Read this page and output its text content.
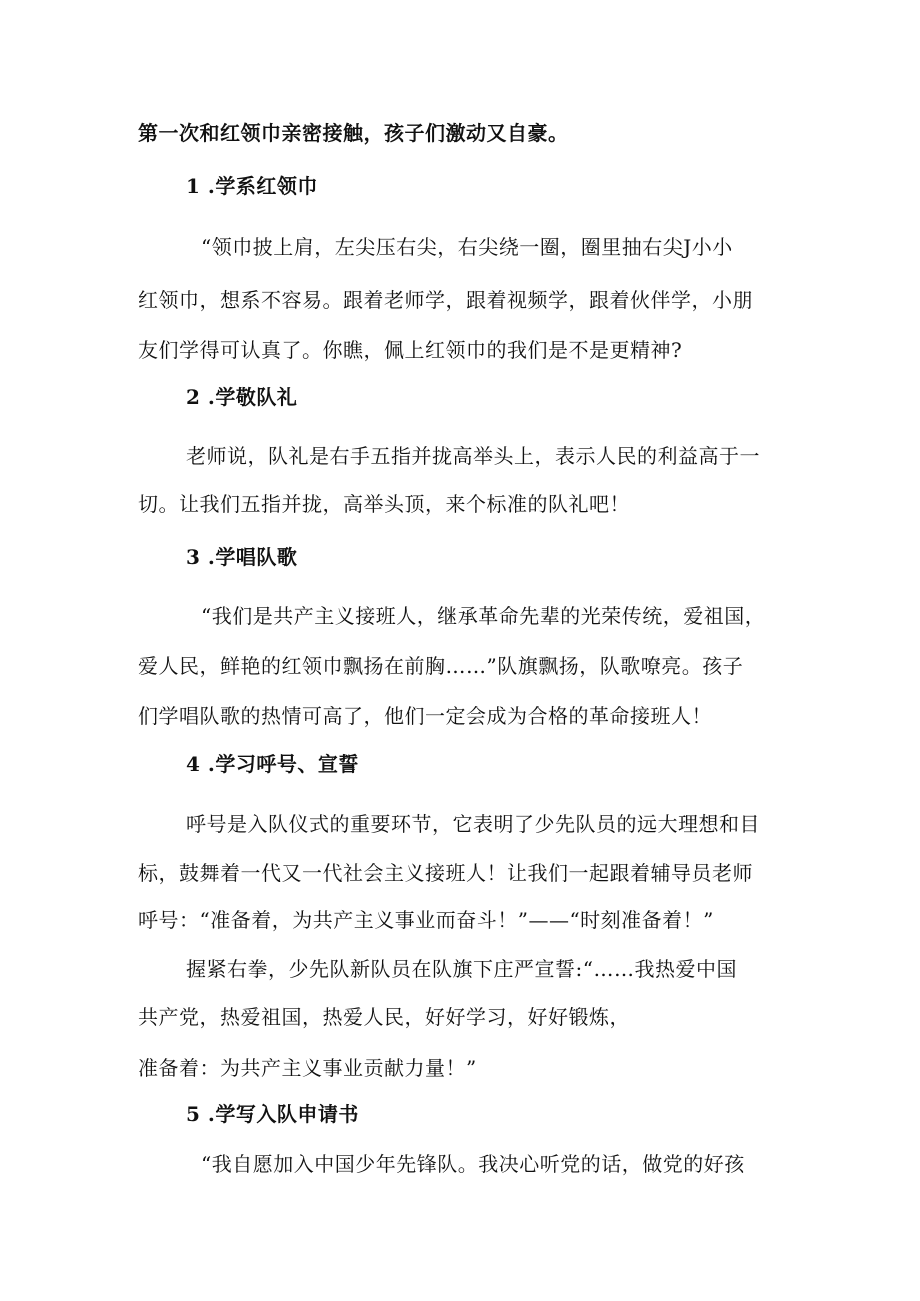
第一次和红领巾亲密接触，孩子们激动又自豪。
1 .学系红领巾
“领巾披上肩，左尖压右尖，右尖绕一圈，圈里抽右尖J小小
红领巾，想系不容易。跟着老师学，跟着视频学，跟着伙伴学，小朋
友们学得可认真了。你瞧，佩上红领巾的我们是不是更精神?
2 .学敬队礼
老师说，队礼是右手五指并拢高举头上，表示人民的利益高于一
切。让我们五指并拢，高举头顶，来个标准的队礼吧！
3 .学唱队歌
“我们是共产主义接班人，继承革命先辈的光荣传统，爱祖国，
爱人民，鲜艳的红领巾飘扬在前胸……”队旗飘扬，队歌嘹亮。孩子
们学唱队歌的热情可高了，他们一定会成为合格的革命接班人！
4 .学习呼号、宣誓
呼号是入队仪式的重要环节，它表明了少先队员的远大理想和目
标，鼓舞着一代又一代社会主义接班人！让我们一起跟着辅导员老师
呼号：“准备着，为共产主义事业而奋斗！”——“时刻准备着！”
握紧右拳，少先队新队员在队旗下庄严宣誓:“……我热爱中国
共产党，热爱祖国，热爱人民，好好学习，好好锻炼，
准备着：为共产主义事业贡献力量！”
5 .学写入队申请书
“我自愿加入中国少年先锋队。我决心听党的话，做党的好孩
